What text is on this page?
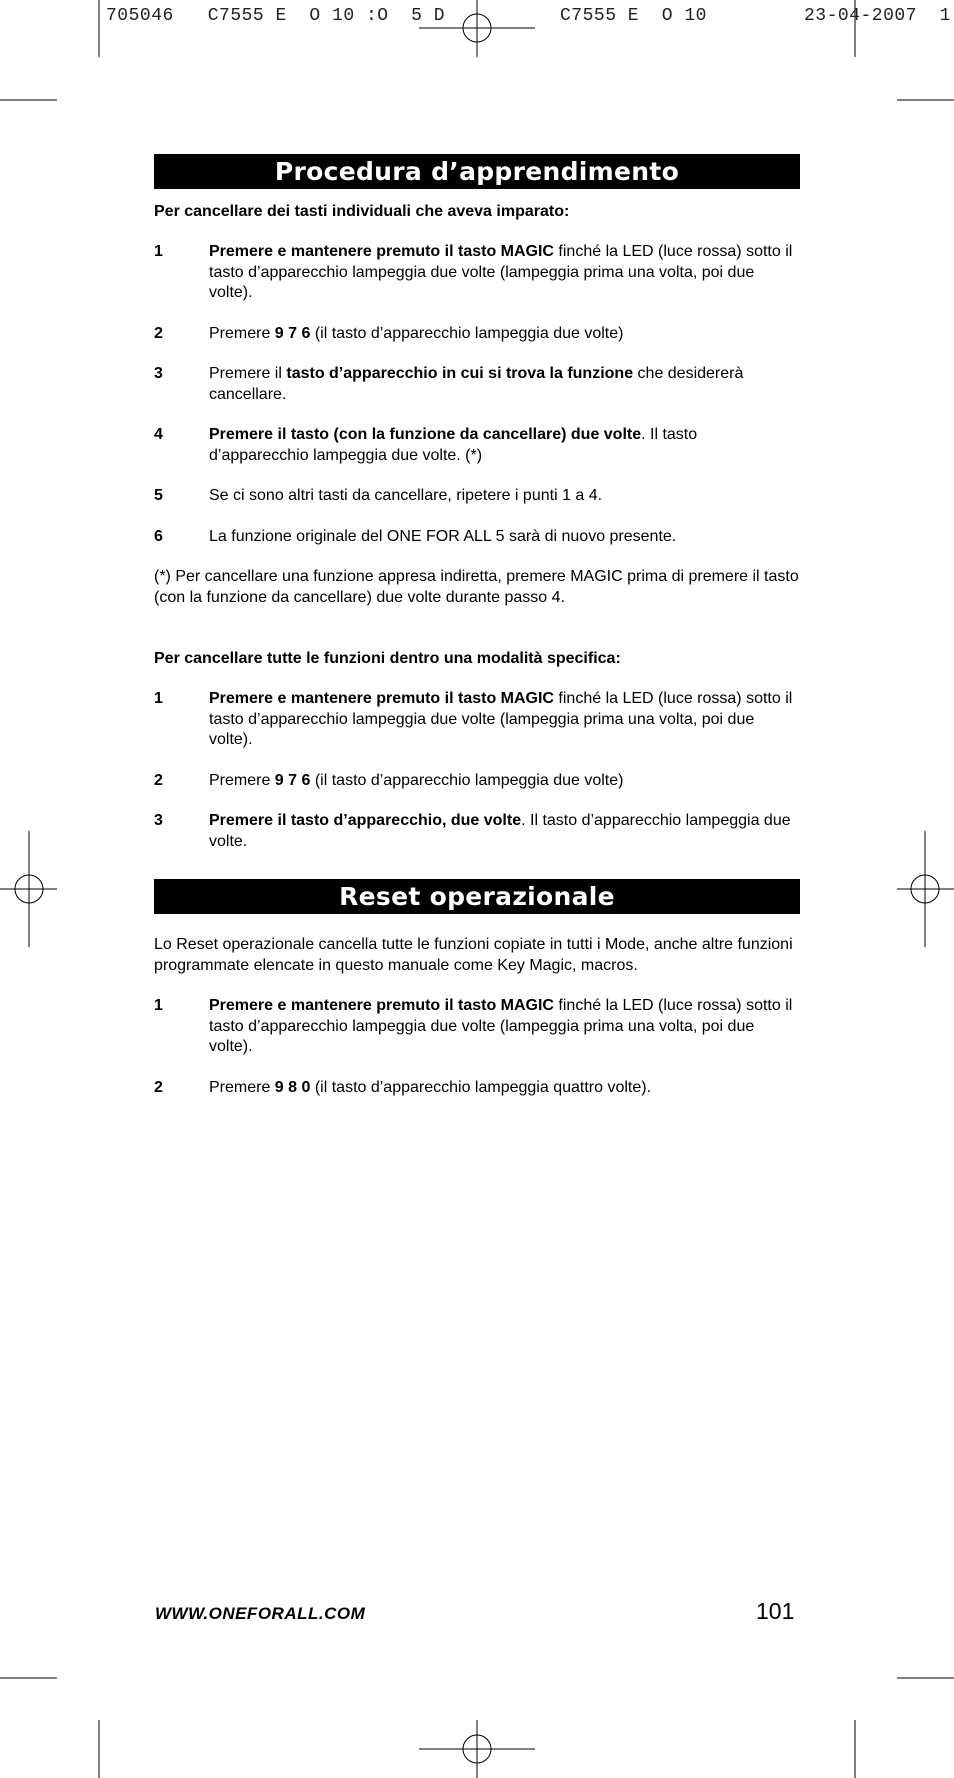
705046   C7555 E  O 10 :O  5 D	C7555 E  O 10	23-04-2007  1
Procedura d’apprendimento

Per cancellare dei tasti individuali che aveva imparato:

1	Premere e mantenere premuto il tasto MAGIC finché la LED (luce rossa) sotto il tasto d’apparecchio lampeggia due volte (lampeggia prima una volta, poi due volte).
2	Premere 9 7 6 (il tasto d’apparecchio lampeggia due volte)
3	Premere il tasto d’apparecchio in cui si trova la funzione che desidererà cancellare.
4	Premere il tasto (con la funzione da cancellare) due volte. Il tasto d’apparecchio lampeggia due volte. (*)
5	Se ci sono altri tasti da cancellare, ripetere i punti 1 a 4.
6	La funzione originale del ONE FOR ALL 5 sarà di nuovo presente.

(*) Per cancellare una funzione appresa indiretta, premere MAGIC prima di premere il tasto (con la funzione da cancellare) due volte durante passo 4.

Per cancellare tutte le funzioni dentro una modalità specifica:

1	Premere e mantenere premuto il tasto MAGIC finché la LED (luce rossa) sotto il tasto d’apparecchio lampeggia due volte (lampeggia prima una volta, poi due volte).
2	Premere 9 7 6 (il tasto d’apparecchio lampeggia due volte)
3	Premere il tasto d’apparecchio, due volte. Il tasto d’apparecchio lampeggia due volte.
Reset operazionale

Lo Reset operazionale cancella tutte le funzioni copiate in tutti i Mode, anche altre funzioni programmate elencate in questo manuale come Key Magic, macros.

1	Premere e mantenere premuto il tasto MAGIC finché la LED (luce rossa) sotto il tasto d’apparecchio lampeggia due volte (lampeggia prima una volta, poi due volte).
2	Premere 9 8 0 (il tasto d’apparecchio lampeggia quattro volte).
WWW.ONEFORALL.COM	101
